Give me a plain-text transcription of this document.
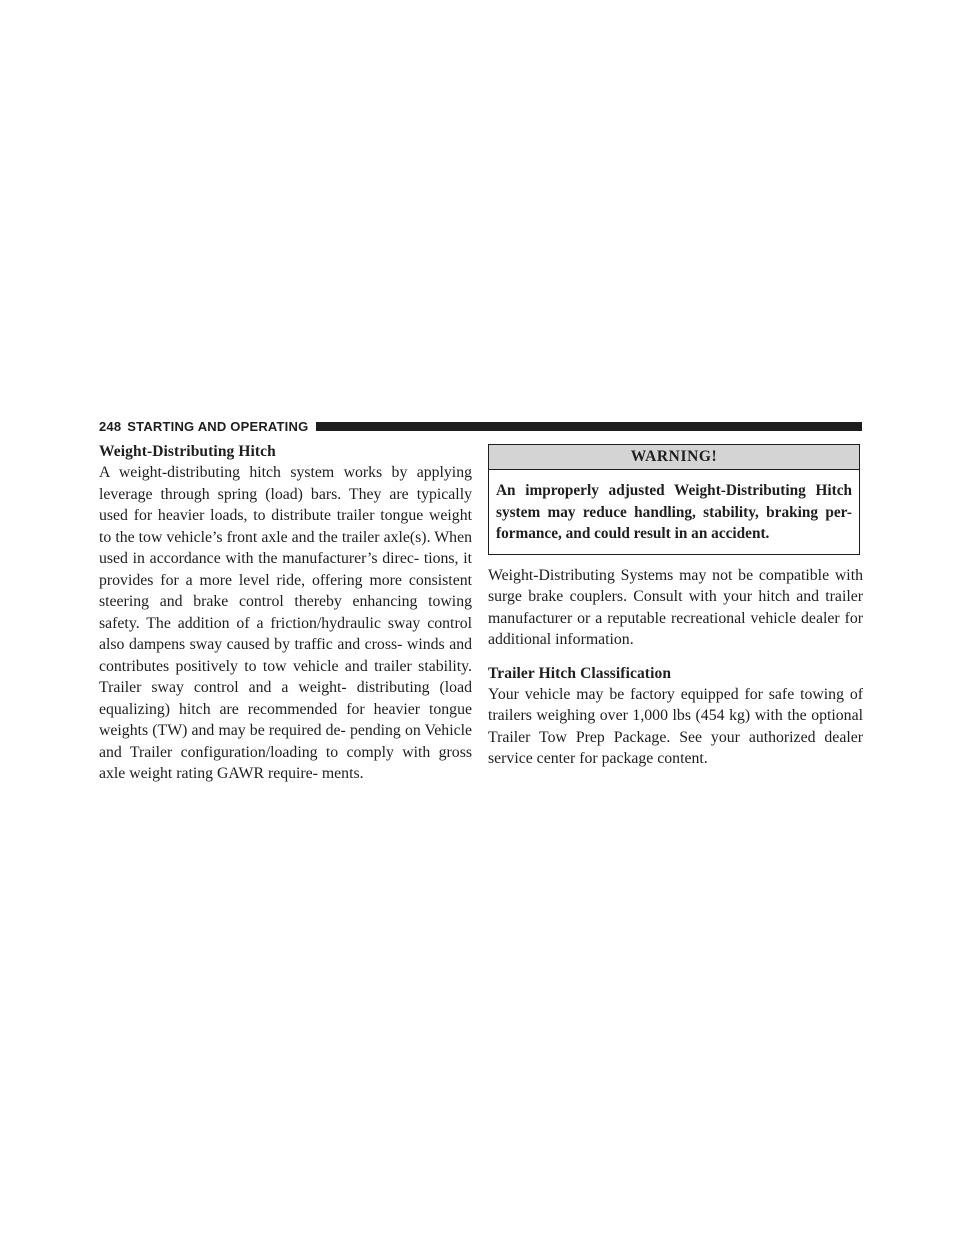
248 STARTING AND OPERATING
Weight-Distributing Hitch

A weight-distributing hitch system works by applying leverage through spring (load) bars. They are typically used for heavier loads, to distribute trailer tongue weight to the tow vehicle’s front axle and the trailer axle(s). When used in accordance with the manufacturer’s direc- tions, it provides for a more level ride, offering more consistent steering and brake control thereby enhancing towing safety. The addition of a friction/hydraulic sway control also dampens sway caused by traffic and cross- winds and contributes positively to tow vehicle and trailer stability. Trailer sway control and a weight- distributing (load equalizing) hitch are recommended for heavier tongue weights (TW) and may be required de- pending on Vehicle and Trailer configuration/loading to comply with gross axle weight rating GAWR require- ments.

WARNING!
An improperly adjusted Weight-Distributing Hitch system may reduce handling, stability, braking per- formance, and could result in an accident.

Weight-Distributing Systems may not be compatible with surge brake couplers. Consult with your hitch and trailer manufacturer or a reputable recreational vehicle dealer for additional information.

Trailer Hitch Classification

Your vehicle may be factory equipped for safe towing of trailers weighing over 1,000 lbs (454 kg) with the optional Trailer Tow Prep Package. See your authorized dealer service center for package content.
